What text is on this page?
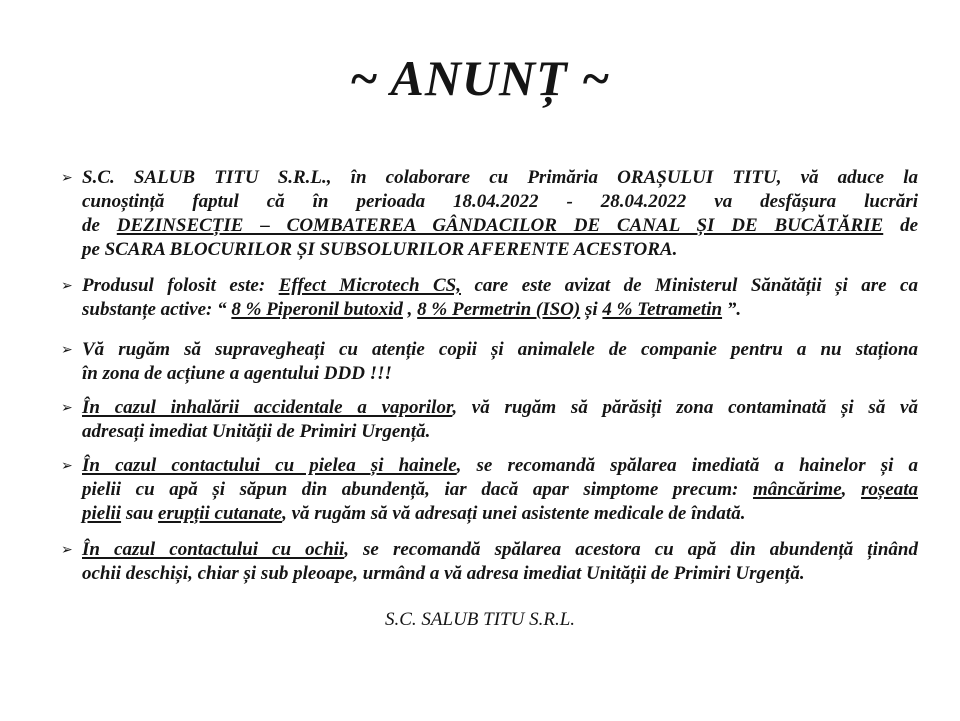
~ ANUNȚ ~
➢
S.C. SALUB TITU S.R.L., în colaborare cu Primăria ORAȘULUI TITU, vă aduce la
cunoștință faptul că în perioada 18.04.2022 - 28.04.2022 va desfășura lucrări
de DEZINSECȚIE – COMBATEREA GÂNDACILOR DE CANAL ȘI DE BUCĂTĂRIE de
pe SCARA BLOCURILOR ȘI SUBSOLURILOR AFERENTE ACESTORA.
➢
Produsul folosit este: Effect Microtech CS, care este avizat de Ministerul Sănătății și are ca
substanțe active: “ 8 % Piperonil butoxid , 8 % Permetrin (ISO) și 4 % Tetrametin ”.
➢
Vă rugăm să supravegheați cu atenție copii și animalele de companie pentru a nu staționa
în zona de acțiune a agentului DDD !!!
➢
În cazul inhalării accidentale a vaporilor, vă rugăm să părăsiți zona contaminată și să vă
adresați imediat Unității de Primiri Urgență.
➢
În cazul contactului cu pielea și hainele, se recomandă spălarea imediată a hainelor și a
pielii cu apă și săpun din abundență, iar dacă apar simptome precum: mâncărime, roșeata
pielii sau erupții cutanate, vă rugăm să vă adresați unei asistente medicale de îndată.
➢
În cazul contactului cu ochii, se recomandă spălarea acestora cu apă din abundență ținând
ochii deschiși, chiar și sub pleoape, urmând a vă adresa imediat Unității de Primiri Urgență.
S.C. SALUB TITU S.R.L.
